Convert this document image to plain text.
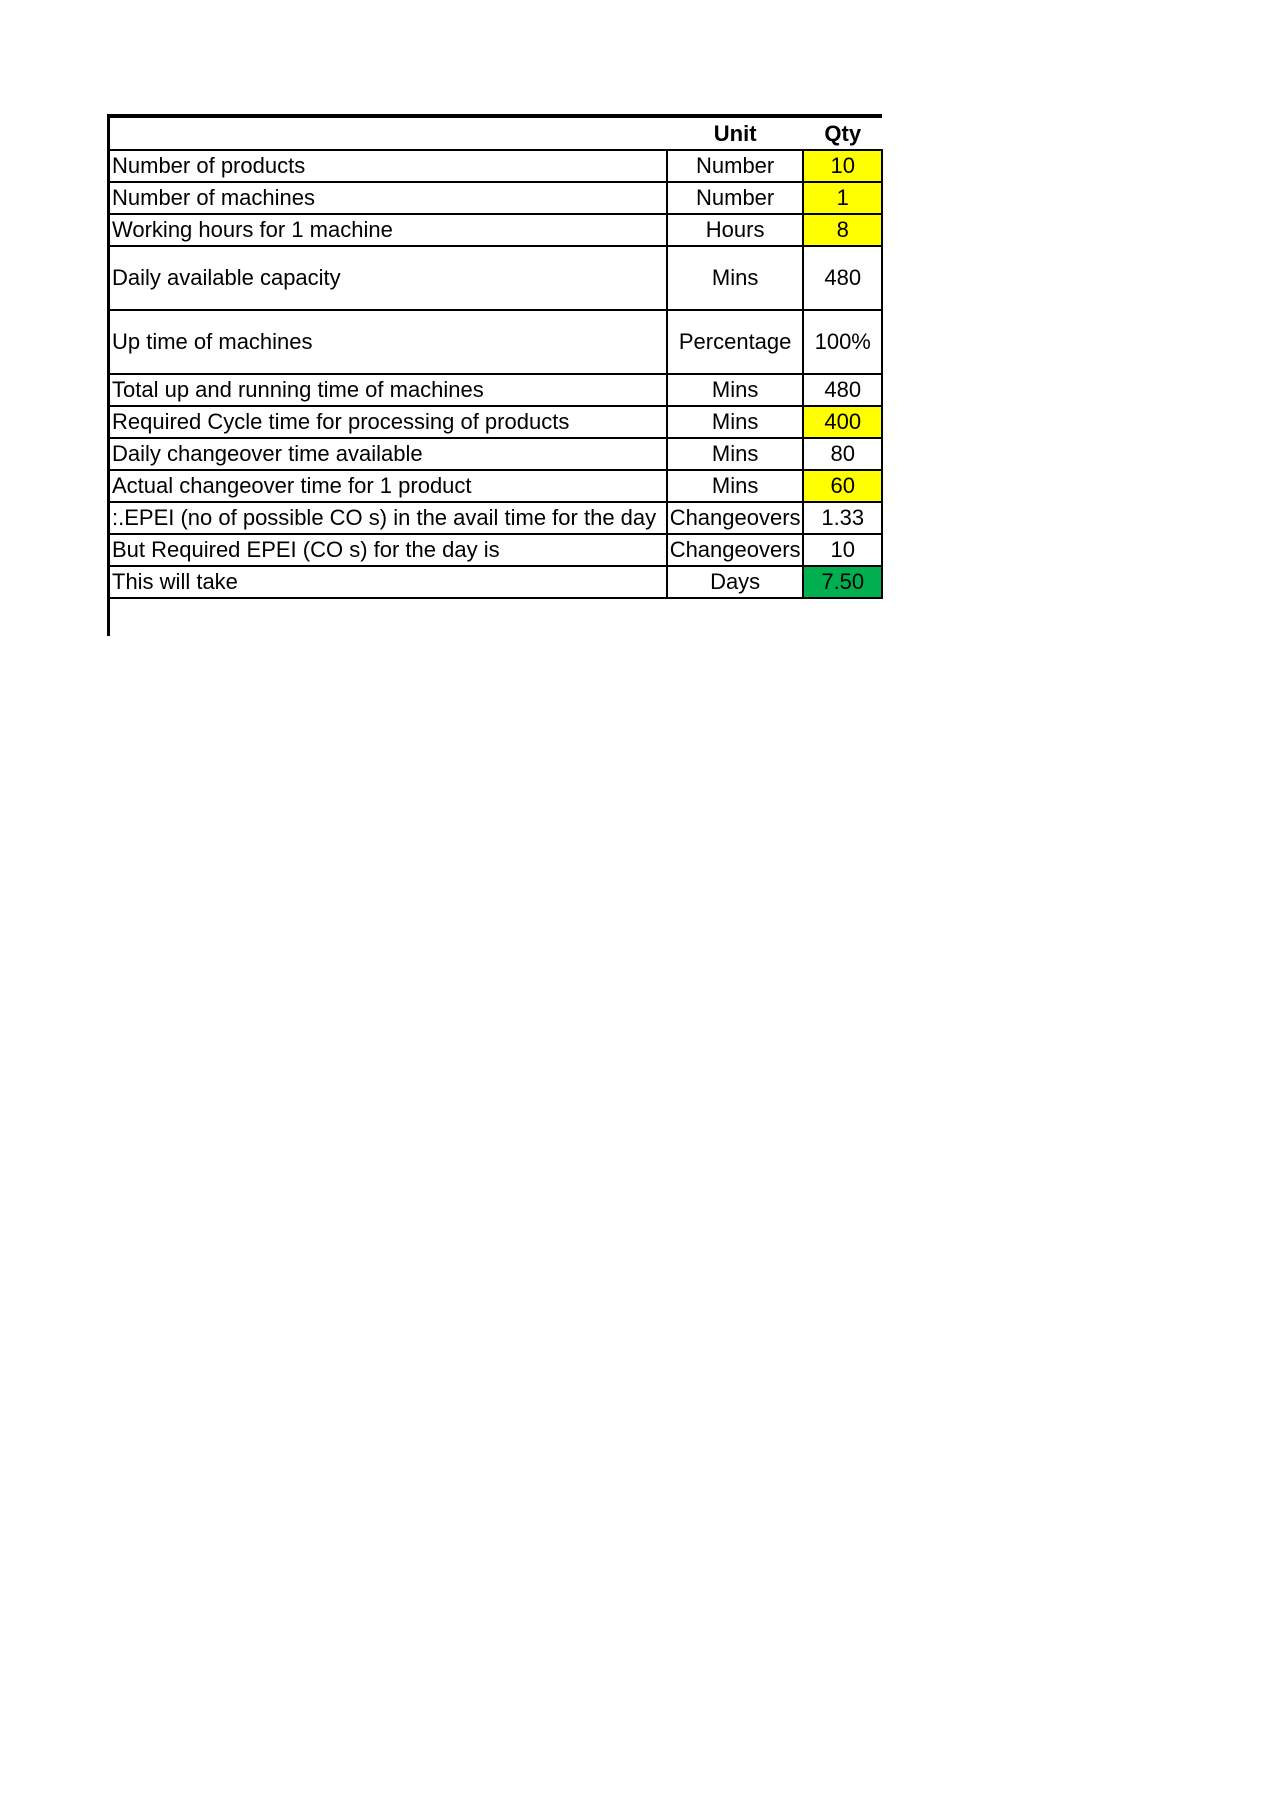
	Unit	Qty
Number of products	Number	10
Number of machines	Number	1
Working hours for 1 machine	Hours	8
Daily available capacity	Mins	480
Up time of machines	Percentage	100%
Total up and running time of machines	Mins	480
Required Cycle time for processing of products	Mins	400
Daily changeover time available	Mins	80
Actual changeover time for 1 product	Mins	60
:.EPEI (no of possible CO s) in the avail time for the day	Changeovers	1.33
But Required EPEI (CO s) for the day is	Changeovers	10
This will take	Days	7.50
